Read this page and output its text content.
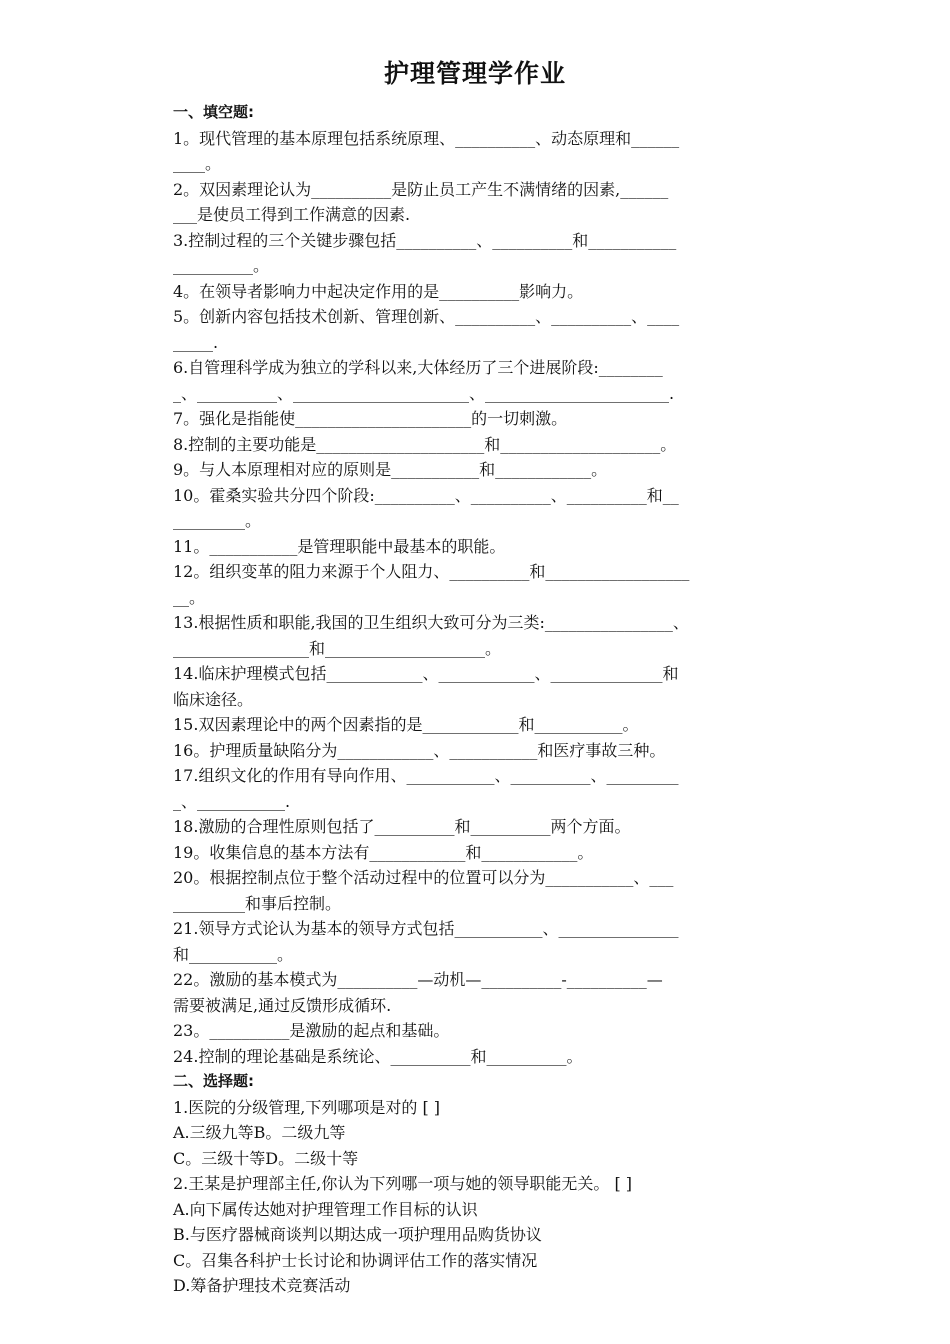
护理管理学作业
一、填空题:
1。现代管理的基本原理包括系统原理、__________、动态原理和______
____。
2。双因素理论认为__________是防止员工产生不满情绪的因素,______
___是使员工得到工作满意的因素.
3.控制过程的三个关键步骤包括__________、__________和___________
__________。
4。在领导者影响力中起决定作用的是__________影响力。
5。创新内容包括技术创新、管理创新、__________、__________、____
_____.
6.自管理科学成为独立的学科以来,大体经历了三个进展阶段:________
_、__________、______________________、_______________________.
7。强化是指能使______________________的一切刺激。
8.控制的主要功能是_____________________和____________________。
9。与人本原理相对应的原则是___________和____________。
10。霍桑实验共分四个阶段:__________、__________、__________和__
_________。
11。___________是管理职能中最基本的职能。
12。组织变革的阻力来源于个人阻力、__________和__________________
__。
13.根据性质和职能,我国的卫生组织大致可分为三类:________________、
_________________和____________________。
14.临床护理模式包括____________、____________、______________和
临床途径。
15.双因素理论中的两个因素指的是____________和___________。
16。护理质量缺陷分为____________、___________和医疗事故三种。
17.组织文化的作用有导向作用、___________、__________、_________
_、___________.
18.激励的合理性原则包括了__________和__________两个方面。
19。收集信息的基本方法有____________和____________。
20。根据控制点位于整个活动过程中的位置可以分为___________、___
_________和事后控制。
21.领导方式论认为基本的领导方式包括___________、_______________
和___________。
22。激励的基本模式为__________—动机—__________-__________—
需要被满足,通过反馈形成循环.
23。__________是激励的起点和基础。
24.控制的理论基础是系统论、__________和__________。
二、选择题:
1.医院的分级管理,下列哪项是对的 [ ]
A.三级九等B。二级九等
C。三级十等D。二级十等
2.王某是护理部主任,你认为下列哪一项与她的领导职能无关。 [ ]
A.向下属传达她对护理管理工作目标的认识
B.与医疗器械商谈判以期达成一项护理用品购货协议
C。召集各科护士长讨论和协调评估工作的落实情况
D.筹备护理技术竞赛活动
